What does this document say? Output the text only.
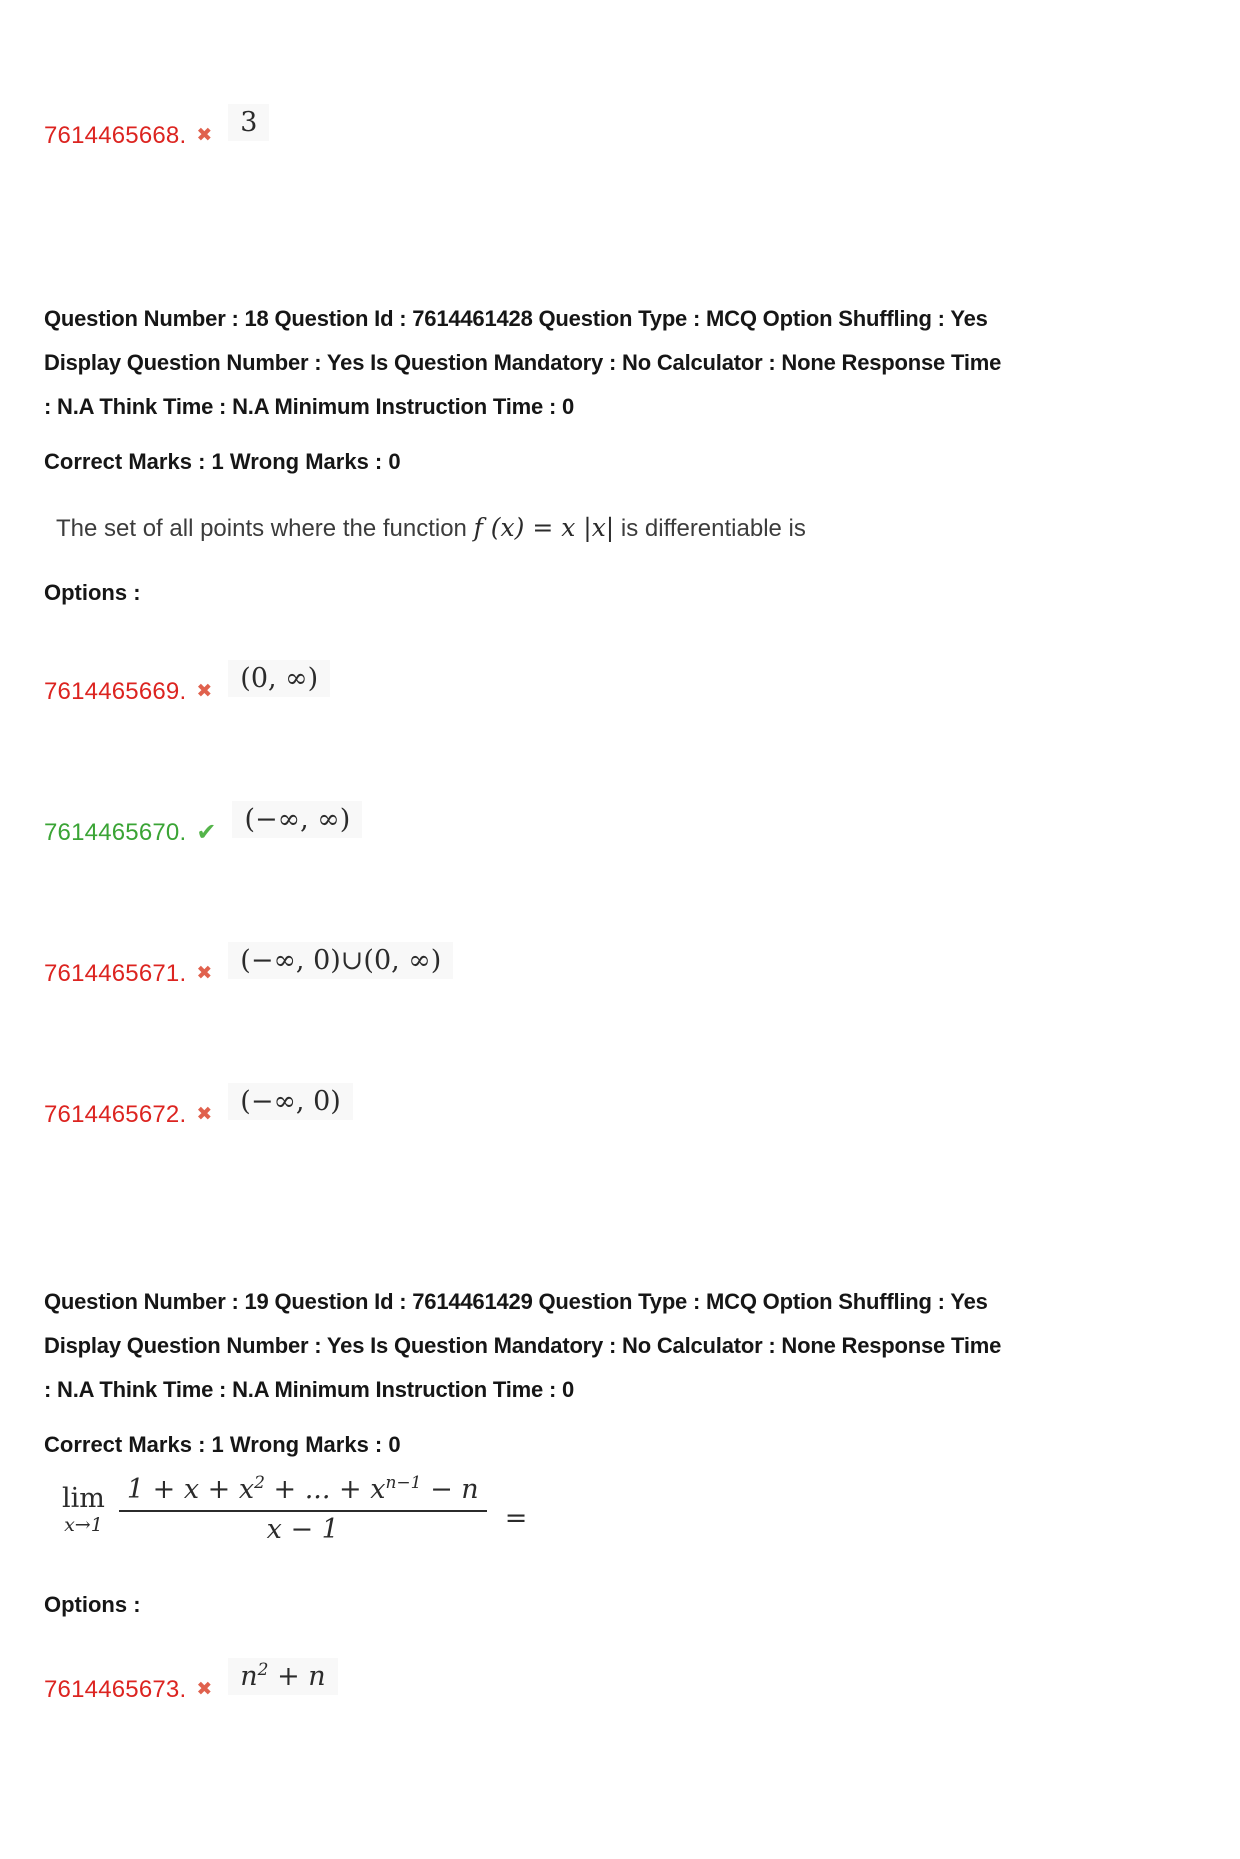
7614465668. ✖	3
Question Number : 18 Question Id : 7614461428 Question Type : MCQ Option Shuffling : Yes
Display Question Number : Yes Is Question Mandatory : No Calculator : None Response Time
: N.A Think Time : N.A Minimum Instruction Time : 0
Correct Marks : 1 Wrong Marks : 0
The set of all points where the function f (x) = x |x| is differentiable is
Options :
7614465669. ✖	(0, ∞)
7614465670. ✔	(−∞, ∞)
7614465671. ✖	(−∞, 0)∪(0, ∞)
7614465672. ✖	(−∞, 0)
Question Number : 19 Question Id : 7614461429 Question Type : MCQ Option Shuffling : Yes
Display Question Number : Yes Is Question Mandatory : No Calculator : None Response Time
: N.A Think Time : N.A Minimum Instruction Time : 0
Correct Marks : 1 Wrong Marks : 0
lim
$x\to 1 \frac{1 + x + x^2 + ... + x^{n-1} - n}{x - 1}$ =
Options :
7614465673. ✖	$n^2 + n$
